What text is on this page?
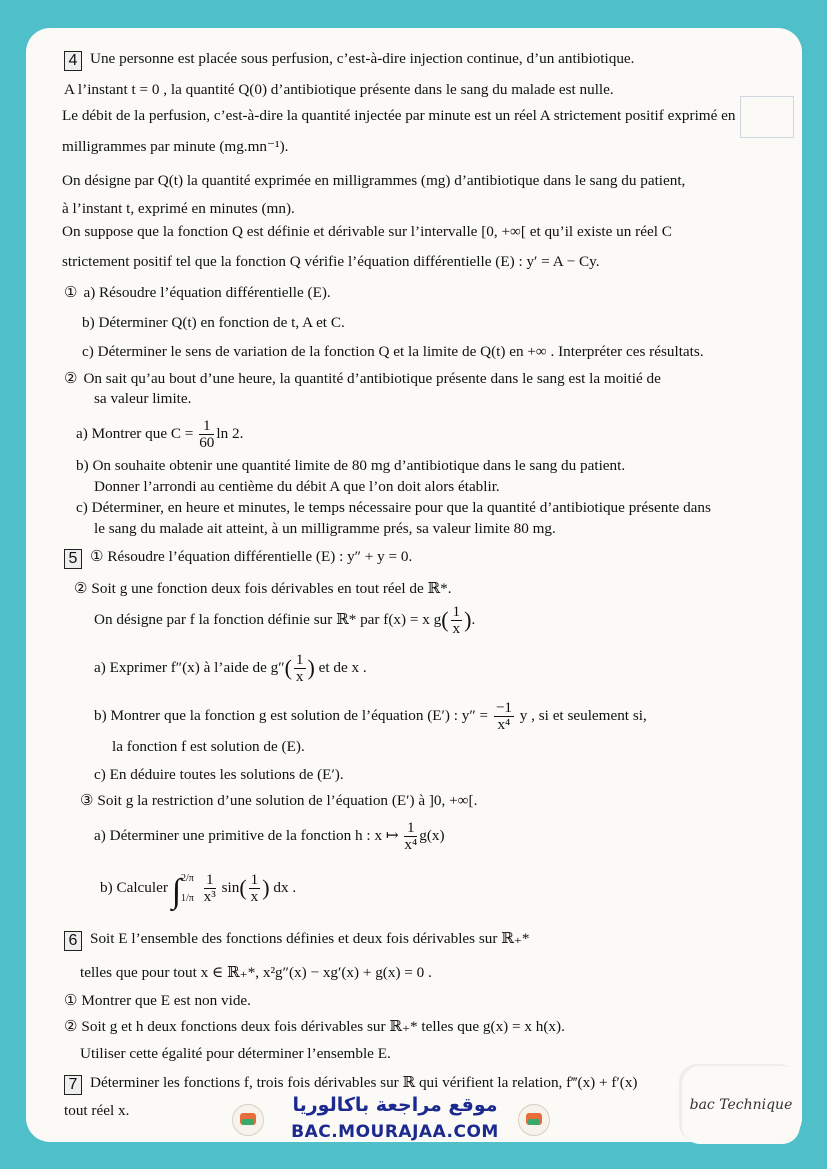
4 Une personne est placée sous perfusion, c’est-à-dire injection continue, d’un antibiotique.
A l’instant t = 0 , la quantité Q(0) d’antibiotique présente dans le sang du malade est nulle.
Le débit de la perfusion, c’est-à-dire la quantité injectée par minute est un réel A strictement positif exprimé en
milligrammes par minute (mg.mn⁻¹).
On désigne par Q(t) la quantité exprimée en milligrammes (mg) d’antibiotique dans le sang du patient,
à l’instant t, exprimé en minutes (mn).
On suppose que la fonction Q est définie et dérivable sur l’intervalle [0, +∞[ et qu’il existe un réel C
strictement positif tel que la fonction Q vérifie l’équation différentielle (E) : y′ = A − Cy.
① a) Résoudre l’équation différentielle (E).
b) Déterminer Q(t) en fonction de t, A et C.
c) Déterminer le sens de variation de la fonction Q et la limite de Q(t) en +∞ . Interpréter ces résultats.
② On sait qu’au bout d’une heure, la quantité d’antibiotique présente dans le sang est la moitié de
sa valeur limite.
a) Montrer que $C = \frac{1}{60}$ ln 2.
b) On souhaite obtenir une quantité limite de 80 mg d’antibiotique dans le sang du patient.
Donner l’arrondi au centième du débit A que l’on doit alors établir.
c) Déterminer, en heure et minutes, le temps nécessaire pour que la quantité d’antibiotique présente dans
le sang du malade ait atteint, à un milligramme prés, sa valeur limite 80 mg.
5 ① Résoudre l’équation différentielle (E) : y″ + y = 0.
② Soit g une fonction deux fois dérivables en tout réel de ℝ*.
On désigne par f la fonction définie sur ℝ* par f(x) = x $g( \frac{1}{x}$ ).
a) Exprimer f″(x) à l’aide de $g''( \frac{1}{x}$ ) et de x .
b) Montrer que la fonction g est solution de l’équation (E′) : $y'' = \frac{-1}{\text{x⁴}}$ y , si et seulement si,
la fonction f est solution de (E).
c) En déduire toutes les solutions de (E′).
③ Soit g la restriction d’une solution de l’équation (E′) à ]0, +∞[.
a) Déterminer une primitive de la fonction h : x ↦ $\frac{1}{\text{x⁴}} g(x)$
b) Calculer ∫2/π

$1/\pi \frac{1}{\text{x³}} \sin( \frac{1}{x}$ ) dx .
6 Soit E l’ensemble des fonctions définies et deux fois dérivables sur ℝ₊*
telles que pour tout x ∈ ℝ₊*, x²g″(x) − xg′(x) + g(x) = 0 .
① Montrer que E est non vide.
② Soit g et h deux fonctions deux fois dérivables sur ℝ₊* telles que g(x) = x h(x).
Utiliser cette égalité pour déterminer l’ensemble E.
7 Déterminer les fonctions f, trois fois dérivables sur ℝ qui vérifient la relation, f‴(x) + f′(x)
tout réel x.	موقع مراجعة باكالوريا
BAC.MOURAJAA.COM
bac Technique
